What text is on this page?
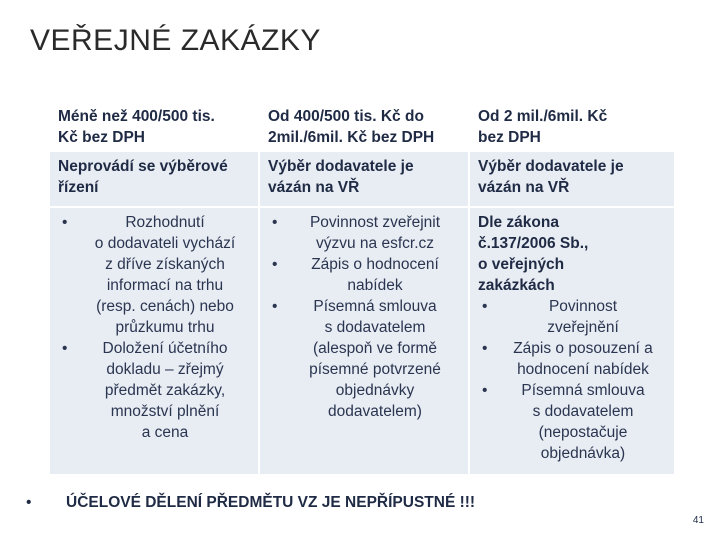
VEŘEJNÉ ZAKÁZKY
Méně než 400/500 tis.
Kč bez DPH
Od 400/500 tis. Kč do
2mil./6mil. Kč bez DPH
Od 2 mil./6mil. Kč
bez DPH
Neprovádí se výběrové
řízení
Výběr dodavatele je
vázán na VŘ
Výběr dodavatele je
vázán na VŘ
• Rozhodnutí
o dodavateli vychází
z dříve získaných
informací na trhu
(resp. cenách) nebo
průzkumu trhu
• Doložení účetního
dokladu – zřejmý
předmět zakázky,
množství plnění
a cena
• Povinnost zveřejnit
výzvu na esfcr.cz
• Zápis o hodnocení
nabídek
• Písemná smlouva
s dodavatelem
(alespoň ve formě
písemné potvrzené
objednávky
dodavatelem)
Dle zákona
č.137/2006 Sb.,
o veřejných
zakázkách
• Povinnost
zveřejnění
• Zápis o posouzení a
hodnocení nabídek
• Písemná smlouva
s dodavatelem
(nepostačuje
objednávka)
• ÚČELOVÉ DĚLENÍ PŘEDMĚTU VZ JE NEPŘÍPUSTNÉ !!!
41
